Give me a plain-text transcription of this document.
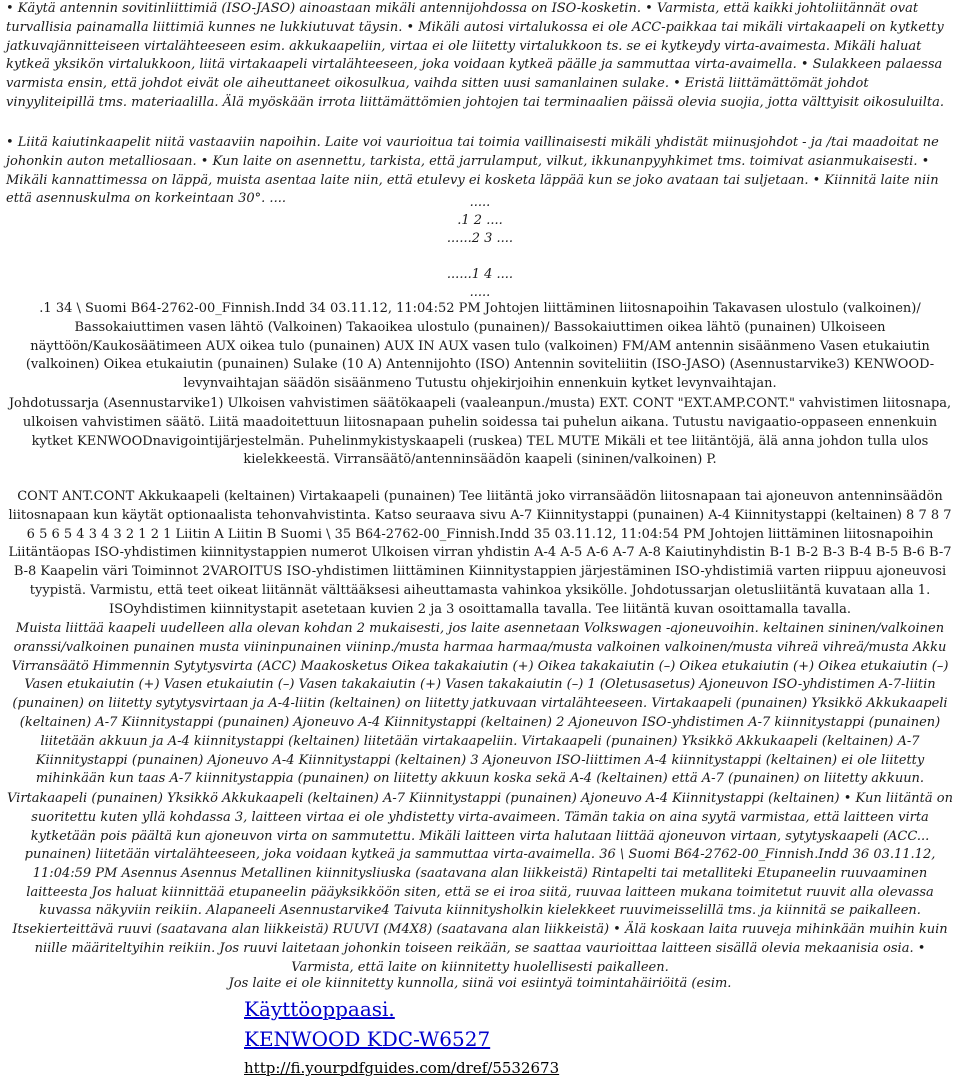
• Käytä antennin sovitinliittimiä (ISO-JASO) ainoastaan mikäli antennijohdossa on ISO-kosketin. • Varmista, että kaikki johtoliitännät ovat turvallisia painamalla liittimiä kunnes ne lukkiutuvat täysin. • Mikäli autosi virtalukossa ei ole ACC-paikkaa tai mikäli virtakaapeli on kytketty jatkuvajännitteiseen virtalähteeseen esim. akkukaapeliin, virtaa ei ole liitetty virtalukkoon ts. se ei kytkeydy virta-avaimesta. Mikäli haluat kytkeä yksikön virtalukkoon, liitä virtakaapeli virtalähteeseen, joka voidaan kytkeä päälle ja sammuttaa virta-avaimella. • Sulakkeen palaessa varmista ensin, että johdot eivät ole aiheuttaneet oikosulkua, vaihda sitten uusi samanlainen sulake. • Eristä liittämättömät johdot vinyyliteipillä tms. materiaalilla. Älä myöskään irrota liittämättömien johtojen tai terminaalien päissä olevia suojia, jotta välttyisit oikosuluilta.

• Liitä kaiutinkaapelit niitä vastaaviin napoihin. Laite voi vaurioitua tai toimia vaillinaisesti mikäli yhdistät miinusjohdot - ja /tai maadoitat ne johonkin auton metalliosaan. • Kun laite on asennettu, tarkista, että jarrulamput, vilkut, ikkunanpyyhkimet tms. toimivat asianmukaisesti. • Mikäli kannattimessa on läppä, muista asentaa laite niin, että etulevy ei kosketa läppää kun se joko avataan tai suljetaan. • Kiinnitä laite niin että asennuskulma on korkeintaan 30°. ....	.....
.1 2 ....
......2 3 ....
......1 4 ....
.....

.1 34 \ Suomi B64-2762-00_Finnish.Indd 34 03.11.12, 11:04:52 PM Johtojen liittäminen liitosnapoihin Takavasen ulostulo (valkoinen)/ Bassokaiuttimen vasen lähtö (Valkoinen) Takaoikea ulostulo (punainen)/ Bassokaiuttimen oikea lähtö (punainen) Ulkoiseen näyttöön/Kaukosäätimeen AUX oikea tulo (punainen) AUX IN AUX vasen tulo (valkoinen) FM/AM antennin sisäänmeno Vasen etukaiutin (valkoinen) Oikea etukaiutin (punainen) Sulake (10 A) Antennijohto (ISO) Antennin soviteliitin (ISO-JASO) (Asennustarvike3) KENWOOD-levynvaihtajan säädön sisäänmeno Tutustu ohjekirjoihin ennenkuin kytket levynvaihtajan.

Johdotussarja (Asennustarvike1) Ulkoisen vahvistimen säätökaapeli (vaaleanpun./musta) EXT. CONT "EXT.AMP.CONT." vahvistimen liitosnapa, ulkoisen vahvistimen säätö. Liitä maadoitettuun liitosnapaan puhelin soidessa tai puhelun aikana. Tutustu navigaatio-oppaseen ennenkuin kytket KENWOODnavigointijärjestelmän. Puhelinmykistyskaapeli (ruskea) TEL MUTE Mikäli et tee liitäntöjä, älä anna johdon tulla ulos kielekkeestä. Virransäätö/antenninsäädön kaapeli (sininen/valkoinen) P.

CONT ANT.CONT Akkukaapeli (keltainen) Virtakaapeli (punainen) Tee liitäntä joko virransäädön liitosnapaan tai ajoneuvon antenninsäädön liitosnapaan kun käytät optionaalista tehonvahvistinta. Katso seuraava sivu A-7 Kiinnitystappi (punainen) A-4 Kiinnitystappi (keltainen) 8 7 8 7 6 5 6 5 4 3 4 3 2 1 2 1 Liitin A Liitin B Suomi \ 35 B64-2762-00_Finnish.Indd 35 03.11.12, 11:04:54 PM Johtojen liittäminen liitosnapoihin Liitäntäopas ISO-yhdistimen kiinnitystappien numerot Ulkoisen virran yhdistin A-4 A-5 A-6 A-7 A-8 Kaiutinyhdistin B-1 B-2 B-3 B-4 B-5 B-6 B-7 B-8 Kaapelin väri Toiminnot 2VAROITUS ISO-yhdistimen liittäminen Kiinnitystappien järjestäminen ISO-yhdistimiä varten riippuu ajoneuvosi tyypistä. Varmistu, että teet oikeat liitännät välttääksesi aiheuttamasta vahinkoa yksikölle. Johdotussarjan oletusliitäntä kuvataan alla 1. ISOyhdistimen kiinnitystapit asetetaan kuvien 2 ja 3 osoittamalla tavalla. Tee liitäntä kuvan osoittamalla tavalla.

Muista liittää kaapeli uudelleen alla olevan kohdan 2 mukaisesti, jos laite asennetaan Volkswagen -ajoneuvoihin. keltainen sininen/valkoinen oranssi/valkoinen punainen musta viininpunainen viininp./musta harmaa harmaa/musta valkoinen valkoinen/musta vihreä vihreä/musta Akku Virransäätö Himmennin Sytytysvirta (ACC) Maakosketus Oikea takakaiutin (+) Oikea takakaiutin (–) Oikea etukaiutin (+) Oikea etukaiutin (–) Vasen etukaiutin (+) Vasen etukaiutin (–) Vasen takakaiutin (+) Vasen takakaiutin (–) 1 (Oletusasetus) Ajoneuvon ISO-yhdistimen A-7-liitin (punainen) on liitetty sytytysvirtaan ja A-4-liitin (keltainen) on liitetty jatkuvaan virtalähteeseen. Virtakaapeli (punainen) Yksikkö Akkukaapeli (keltainen) A-7 Kiinnitystappi (punainen) Ajoneuvo A-4 Kiinnitystappi (keltainen) 2 Ajoneuvon ISO-yhdistimen A-7 kiinnitystappi (punainen) liitetään akkuun ja A-4 kiinnitystappi (keltainen) liitetään virtakaapeliin. Virtakaapeli (punainen) Yksikkö Akkukaapeli (keltainen) A-7 Kiinnitystappi (punainen) Ajoneuvo A-4 Kiinnitystappi (keltainen) 3 Ajoneuvon ISO-liittimen A-4 kiinnitystappi (keltainen) ei ole liitetty mihinkään kun taas A-7 kiinnitystappia (punainen) on liitetty akkuun koska sekä A-4 (keltainen) että A-7 (punainen) on liitetty akkuun.

Virtakaapeli (punainen) Yksikkö Akkukaapeli (keltainen) A-7 Kiinnitystappi (punainen) Ajoneuvo A-4 Kiinnitystappi (keltainen) • Kun liitäntä on suoritettu kuten yllä kohdassa 3, laitteen virtaa ei ole yhdistetty virta-avaimeen. Tämän takia on aina syytä varmistaa, että laitteen virta kytketään pois päältä kun ajoneuvon virta on sammutettu. Mikäli laitteen virta halutaan liittää ajoneuvon virtaan, sytytyskaapeli (ACC...

punainen) liitetään virtalähteeseen, joka voidaan kytkeä ja sammuttaa virta-avaimella. 36 \ Suomi B64-2762-00_Finnish.Indd 36 03.11.12, 11:04:59 PM Asennus Asennus Metallinen kiinnitysliuska (saatavana alan liikkeistä) Rintapelti tai metalliteki Etupaneelin ruuvaaminen laitteesta Jos haluat kiinnittää etupaneelin pääyksikköön siten, että se ei iroa siitä, ruuvaa laitteen mukana toimitetut ruuvit alla olevassa kuvassa näkyviin reikiin. Alapaneeli Asennustarvike4 Taivuta kiinnitysholkin kielekkeet ruuvimeisselillä tms. ja kiinnitä se paikalleen. Itsekierteittävä ruuvi (saatavana alan liikkeistä) RUUVI (M4X8) (saatavana alan liikkeistä) • Älä koskaan laita ruuveja mihinkään muihin kuin niille määriteltyihin reikiin. Jos ruuvi laitetaan johonkin toiseen reikään, se saattaa vaurioittaa laitteen sisällä olevia mekaanisia osia. • Varmista, että laite on kiinnitetty huolellisesti paikalleen.

Jos laite ei ole kiinnitetty kunnolla, siinä voi esiintyä toimintahäiriöitä (esim.
Käyttöoppaasi.
KENWOOD KDC-W6527
http://fi.yourpdfguides.com/dref/5532673
